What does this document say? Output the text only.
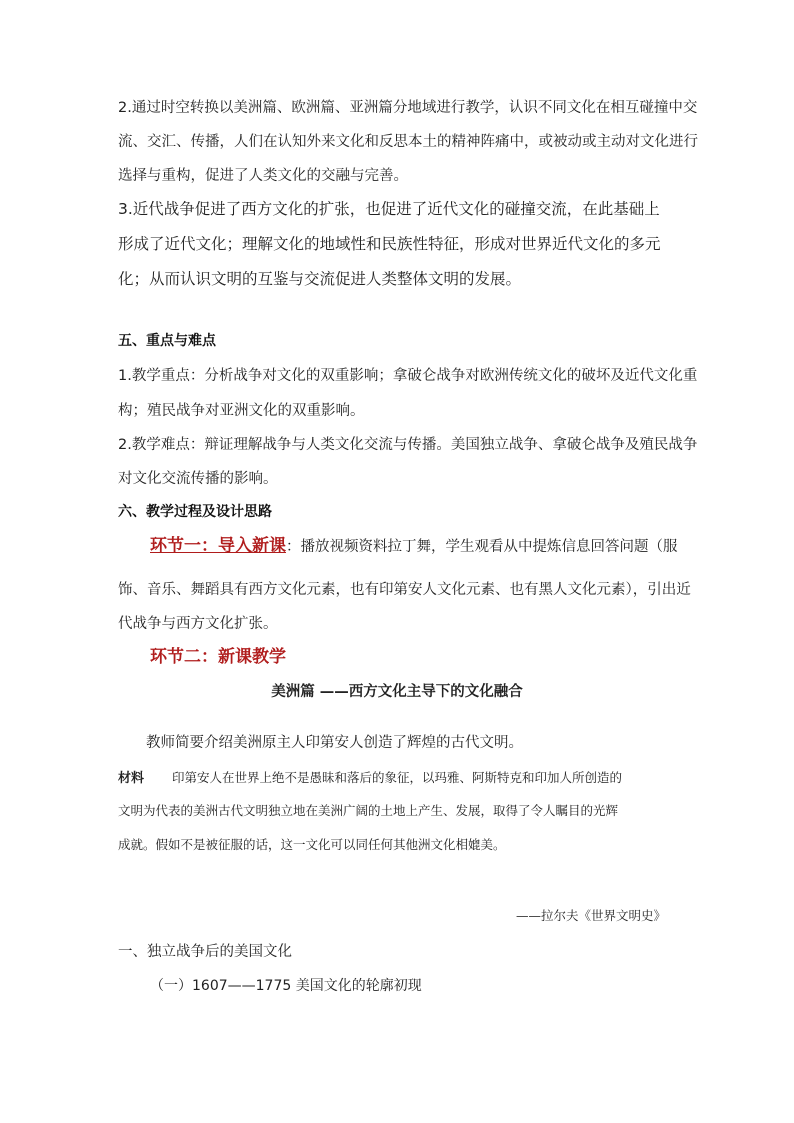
2.通过时空转换以美洲篇、欧洲篇、亚洲篇分地域进行教学，认识不同文化在相互碰撞中交
流、交汇、传播，人们在认知外来文化和反思本土的精神阵痛中，或被动或主动对文化进行
选择与重构，促进了人类文化的交融与完善。
3.近代战争促进了西方文化的扩张，也促进了近代文化的碰撞交流，在此基础上
形成了近代文化；理解文化的地域性和民族性特征，形成对世界近代文化的多元
化；从而认识文明的互鉴与交流促进人类整体文明的发展。
五、重点与难点
1.教学重点：分析战争对文化的双重影响；拿破仑战争对欧洲传统文化的破坏及近代文化重
构；殖民战争对亚洲文化的双重影响。
2.教学难点：辩证理解战争与人类文化交流与传播。美国独立战争、拿破仑战争及殖民战争
对文化交流传播的影响。
六、教学过程及设计思路
环节一：导入新课：播放视频资料拉丁舞，学生观看从中提炼信息回答问题（服
饰、音乐、舞蹈具有西方文化元素，也有印第安人文化元素、也有黑人文化元素），引出近
代战争与西方文化扩张。
环节二：新课教学
美洲篇 ——西方文化主导下的文化融合
教师简要介绍美洲原主人印第安人创造了辉煌的古代文明。
材料 印第安人在世界上绝不是愚昧和落后的象征，以玛雅、阿斯特克和印加人所创造的
文明为代表的美洲古代文明独立地在美洲广阔的土地上产生、发展，取得了令人瞩目的光辉
成就。假如不是被征服的话，这一文化可以同任何其他洲文化相媲美。
——拉尔夫《世界文明史》
一、独立战争后的美国文化
（一）1607——1775 美国文化的轮廓初现
